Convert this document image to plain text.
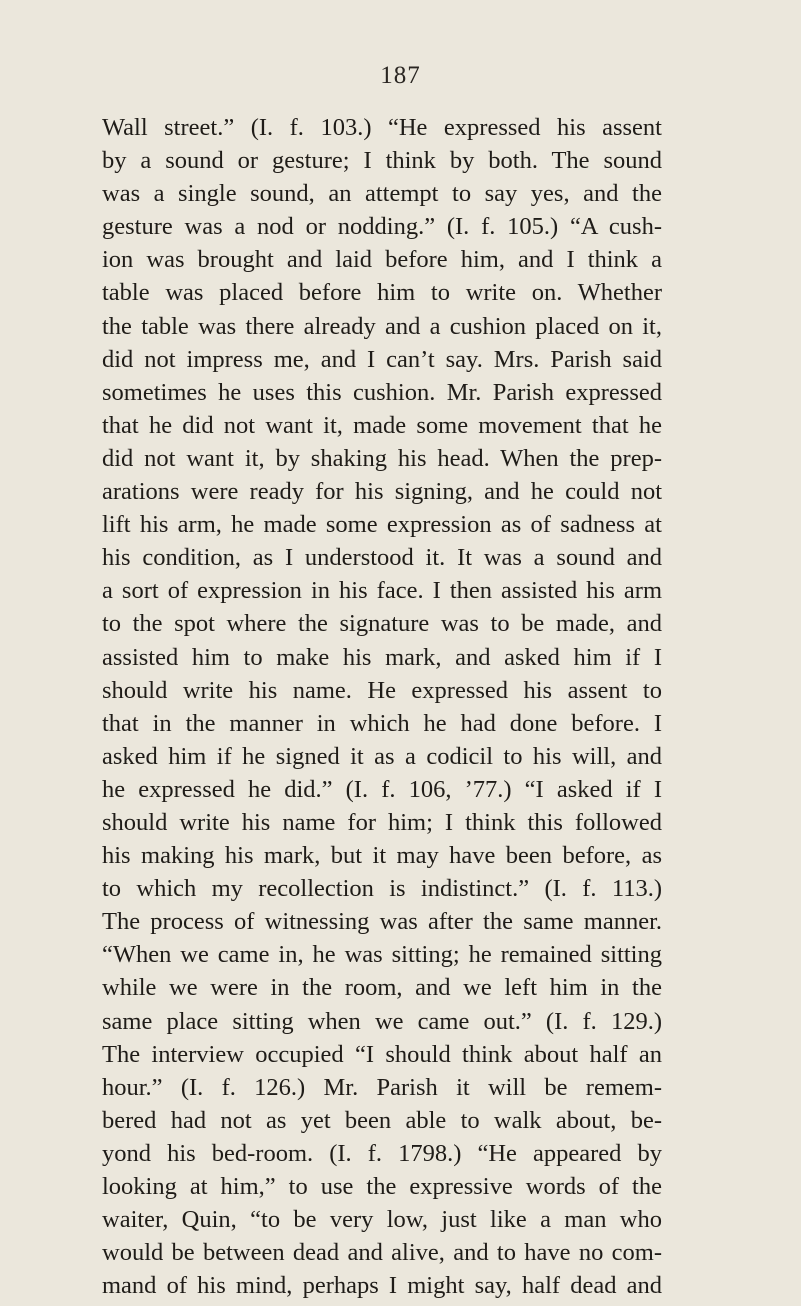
187
Wall street.” (I. f. 103.) “He expressed his assent
by a sound or gesture; I think by both. The sound
was a single sound, an attempt to say yes, and the
gesture was a nod or nodding.” (I. f. 105.) “A cush-
ion was brought and laid before him, and I think a
table was placed before him to write on. Whether
the table was there already and a cushion placed on it,
did not impress me, and I can’t say. Mrs. Parish said
sometimes he uses this cushion. Mr. Parish expressed
that he did not want it, made some movement that he
did not want it, by shaking his head. When the prep-
arations were ready for his signing, and he could not
lift his arm, he made some expression as of sadness at
his condition, as I understood it. It was a sound and
a sort of expression in his face. I then assisted his arm
to the spot where the signature was to be made, and
assisted him to make his mark, and asked him if I
should write his name. He expressed his assent to
that in the manner in which he had done before. I
asked him if he signed it as a codicil to his will, and
he expressed he did.” (I. f. 106, ’77.) “I asked if I
should write his name for him; I think this followed
his making his mark, but it may have been before, as
to which my recollection is indistinct.” (I. f. 113.)
The process of witnessing was after the same manner.
“When we came in, he was sitting; he remained sitting
while we were in the room, and we left him in the
same place sitting when we came out.” (I. f. 129.)
The interview occupied “I should think about half an
hour.” (I. f. 126.) Mr. Parish it will be remem-
bered had not as yet been able to walk about, be-
yond his bed-room. (I. f. 1798.) “He appeared by
looking at him,” to use the expressive words of the
waiter, Quin, “to be very low, just like a man who
would be between dead and alive, and to have no com-
mand of his mind, perhaps I might say, half dead and
